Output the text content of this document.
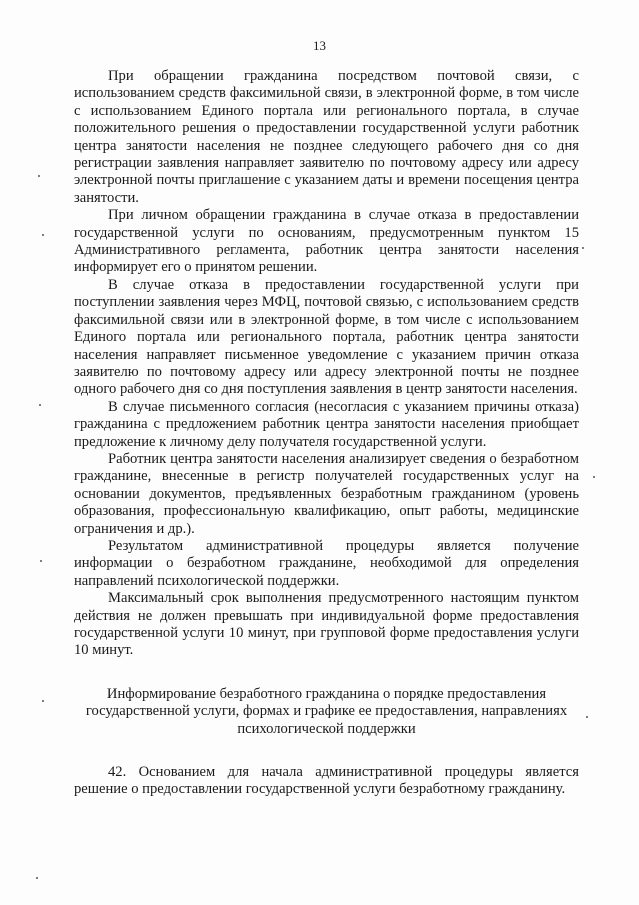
13

При обращении гражданина посредством почтовой связи, с использованием средств факсимильной связи, в электронной форме, в том числе с использованием Единого портала или регионального портала, в случае положительного решения о предоставлении государственной услуги работник центра занятости населения не позднее следующего рабочего дня со дня регистрации заявления направляет заявителю по почтовому адресу или адресу электронной почты приглашение с указанием даты и времени посещения центра занятости.

При личном обращении гражданина в случае отказа в предоставлении государственной услуги по основаниям, предусмотренным пунктом 15 Административного регламента, работник центра занятости населения информирует его о принятом решении.

В случае отказа в предоставлении государственной услуги при поступлении заявления через МФЦ, почтовой связью, с использованием средств факсимильной связи или в электронной форме, в том числе с использованием Единого портала или регионального портала, работник центра занятости населения направляет письменное уведомление с указанием причин отказа заявителю по почтовому адресу или адресу электронной почты не позднее одного рабочего дня со дня поступления заявления в центр занятости населения.

В случае письменного согласия (несогласия с указанием причины отказа) гражданина с предложением работник центра занятости населения приобщает предложение к личному делу получателя государственной услуги.

Работник центра занятости населения анализирует сведения о безработном гражданине, внесенные в регистр получателей государственных услуг на основании документов, предъявленных безработным гражданином (уровень образования, профессиональную квалификацию, опыт работы, медицинские ограничения и др.).

Результатом административной процедуры является получение информации о безработном гражданине, необходимой для определения направлений психологической поддержки.

Максимальный срок выполнения предусмотренного настоящим пунктом действия не должен превышать при индивидуальной форме предоставления государственной услуги 10 минут, при групповой форме предоставления услуги 10 минут.

Информирование безработного гражданина о порядке предоставления государственной услуги, формах и графике ее предоставления, направлениях психологической поддержки

42. Основанием для начала административной процедуры является решение о предоставлении государственной услуги безработному гражданину.
